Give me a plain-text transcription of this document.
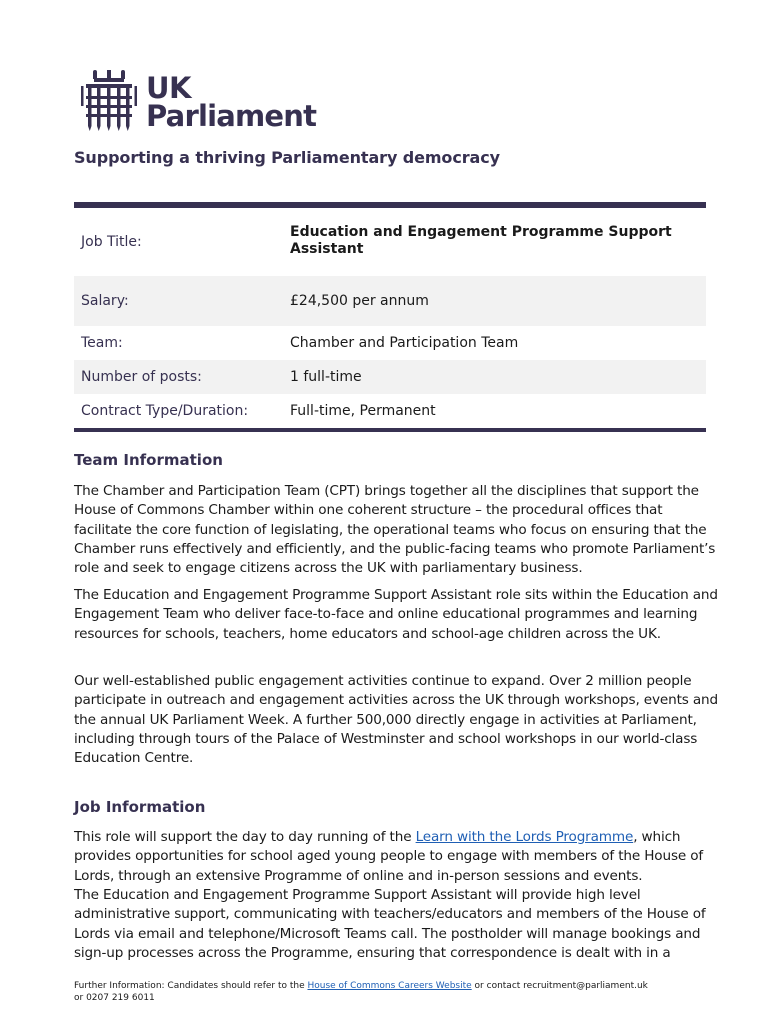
UK
Parliament
Supporting a thriving Parliamentary democracy
Job Title:
Education and Engagement Programme Support Assistant
Salary:	£24,500 per annum
Team:	Chamber and Participation Team
Number of posts:	1 full-time
Contract Type/Duration:	Full-time, Permanent
Team Information
The Chamber and Participation Team (CPT) brings together all the disciplines that support the House of Commons Chamber within one coherent structure – the procedural offices that facilitate the core function of legislating, the operational teams who focus on ensuring that the Chamber runs effectively and efficiently, and the public-facing teams who promote Parliament’s role and seek to engage citizens across the UK with parliamentary business.
The Education and Engagement Programme Support Assistant role sits within the Education and Engagement Team who deliver face-to-face and online educational programmes and learning resources for schools, teachers, home educators and school-age children across the UK.
Our well-established public engagement activities continue to expand. Over 2 million people participate in outreach and engagement activities across the UK through workshops, events and the annual UK Parliament Week. A further 500,000 directly engage in activities at Parliament, including through tours of the Palace of Westminster and school workshops in our world-class Education Centre.
Job Information
This role will support the day to day running of the Learn with the Lords Programme, which provides opportunities for school aged young people to engage with members of the House of Lords, through an extensive Programme of online and in-person sessions and events.
The Education and Engagement Programme Support Assistant will provide high level administrative support, communicating with teachers/educators and members of the House of Lords via email and telephone/Microsoft Teams call. The postholder will manage bookings and sign-up processes across the Programme, ensuring that correspondence is dealt with in a
Further Information: Candidates should refer to the House of Commons Careers Website or contact recruitment@parliament.uk
or 0207 219 6011
